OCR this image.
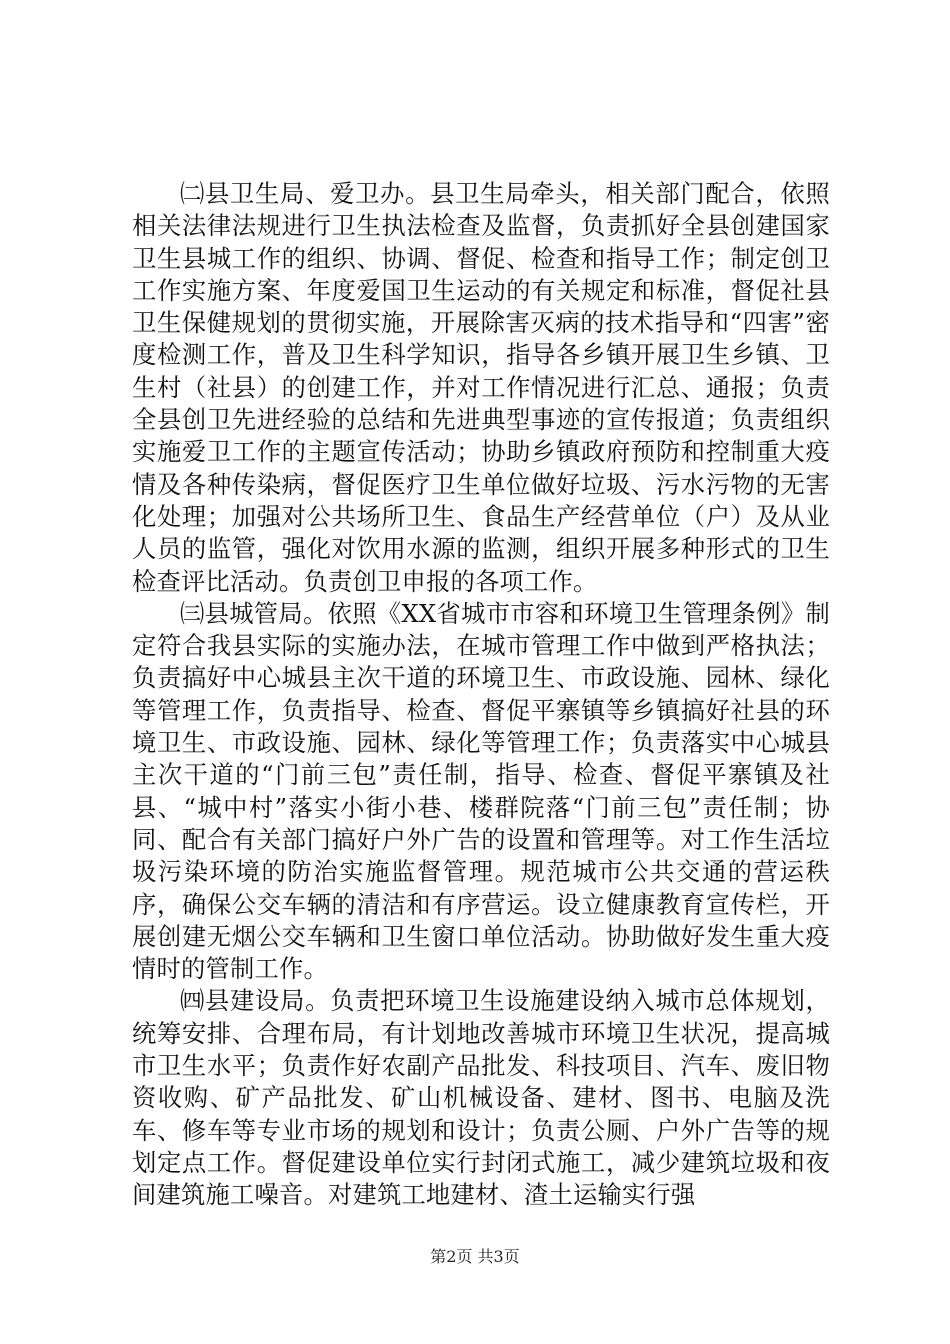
㈡县卫生局、爱卫办。县卫生局牵头，相关部门配合，依照相关法律法规进行卫生执法检查及监督，负责抓好全县创建国家卫生县城工作的组织、协调、督促、检查和指导工作；制定创卫工作实施方案、年度爱国卫生运动的有关规定和标准，督促社县卫生保健规划的贯彻实施，开展除害灭病的技术指导和“四害”密度检测工作，普及卫生科学知识，指导各乡镇开展卫生乡镇、卫生村（社县）的创建工作，并对工作情况进行汇总、通报；负责全县创卫先进经验的总结和先进典型事迹的宣传报道；负责组织实施爱卫工作的主题宣传活动；协助乡镇政府预防和控制重大疫情及各种传染病，督促医疗卫生单位做好垃圾、污水污物的无害化处理；加强对公共场所卫生、食品生产经营单位（户）及从业人员的监管，强化对饮用水源的监测，组织开展多种形式的卫生检查评比活动。负责创卫申报的各项工作。

㈢县城管局。依照《XX省城市市容和环境卫生管理条例》制定符合我县实际的实施办法，在城市管理工作中做到严格执法；负责搞好中心城县主次干道的环境卫生、市政设施、园林、绿化等管理工作，负责指导、检查、督促平寨镇等乡镇搞好社县的环境卫生、市政设施、园林、绿化等管理工作；负责落实中心城县主次干道的“门前三包”责任制，指导、检查、督促平寨镇及社县、“城中村”落实小街小巷、楼群院落“门前三包”责任制；协同、配合有关部门搞好户外广告的设置和管理等。对工作生活垃圾污染环境的防治实施监督管理。规范城市公共交通的营运秩序，确保公交车辆的清洁和有序营运。设立健康教育宣传栏，开展创建无烟公交车辆和卫生窗口单位活动。协助做好发生重大疫情时的管制工作。

㈣县建设局。负责把环境卫生设施建设纳入城市总体规划，统筹安排、合理布局，有计划地改善城市环境卫生状况，提高城市卫生水平；负责作好农副产品批发、科技项目、汽车、废旧物资收购、矿产品批发、矿山机械设备、建材、图书、电脑及洗车、修车等专业市场的规划和设计；负责公厕、户外广告等的规划定点工作。督促建设单位实行封闭式施工，减少建筑垃圾和夜间建筑施工噪音。对建筑工地建材、渣土运输实行强

第2页 共3页
